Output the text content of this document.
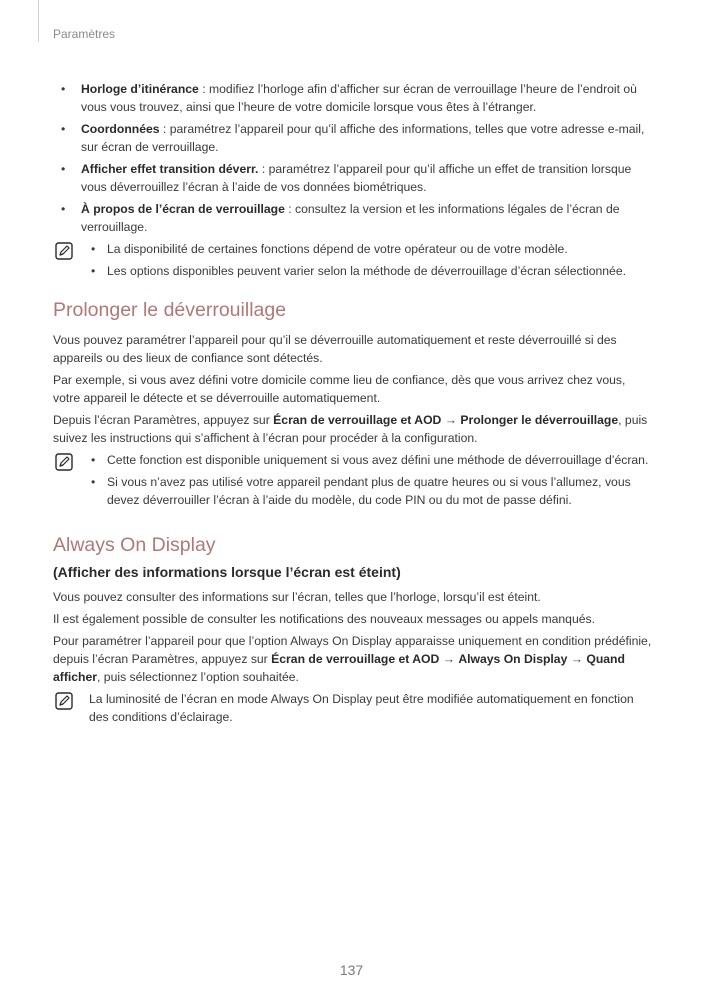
Paramètres
• Horloge d’itinérance : modifiez l’horloge afin d’afficher sur écran de verrouillage l’heure de l’endroit où vous vous trouvez, ainsi que l’heure de votre domicile lorsque vous êtes à l’étranger.
• Coordonnées : paramétrez l’appareil pour qu’il affiche des informations, telles que votre adresse e-mail, sur écran de verrouillage.
• Afficher effet transition déverr. : paramétrez l’appareil pour qu’il affiche un effet de transition lorsque vous déverrouillez l’écran à l’aide de vos données biométriques.
• À propos de l’écran de verrouillage : consultez la version et les informations légales de l’écran de verrouillage.
• La disponibilité de certaines fonctions dépend de votre opérateur ou de votre modèle.
• Les options disponibles peuvent varier selon la méthode de déverrouillage d’écran sélectionnée.
Prolonger le déverrouillage

Vous pouvez paramétrer l’appareil pour qu’il se déverrouille automatiquement et reste déverrouillé si des appareils ou des lieux de confiance sont détectés.

Par exemple, si vous avez défini votre domicile comme lieu de confiance, dès que vous arrivez chez vous, votre appareil le détecte et se déverrouille automatiquement.

Depuis l’écran Paramètres, appuyez sur Écran de verrouillage et AOD → Prolonger le déverrouillage, puis suivez les instructions qui s’affichent à l’écran pour procéder à la configuration.

• Cette fonction est disponible uniquement si vous avez défini une méthode de déverrouillage d’écran.
• Si vous n’avez pas utilisé votre appareil pendant plus de quatre heures ou si vous l’allumez, vous devez déverrouiller l’écran à l’aide du modèle, du code PIN ou du mot de passe défini.
Always On Display
(Afficher des informations lorsque l’écran est éteint)

Vous pouvez consulter des informations sur l’écran, telles que l’horloge, lorsqu’il est éteint.

Il est également possible de consulter les notifications des nouveaux messages ou appels manqués.

Pour paramétrer l’appareil pour que l’option Always On Display apparaisse uniquement en condition prédéfinie, depuis l’écran Paramètres, appuyez sur Écran de verrouillage et AOD → Always On Display → Quand afficher, puis sélectionnez l’option souhaitée.

La luminosité de l’écran en mode Always On Display peut être modifiée automatiquement en fonction des conditions d’éclairage.

137
